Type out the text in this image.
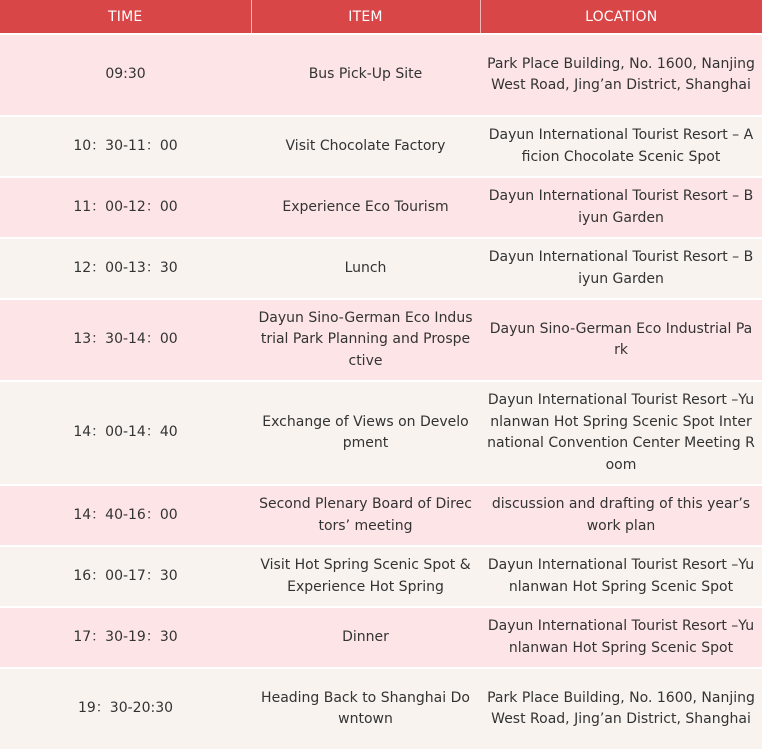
TIME	ITEM	LOCATION
09:30	Bus Pick-Up Site	Park Place Building, No. 1600, Nanjing West Road, Jing’an District, Shanghai
10：30-11：00	Visit Chocolate Factory	Dayun International Tourist Resort – Aficion Chocolate Scenic Spot
11：00-12：00	Experience Eco Tourism	Dayun International Tourist Resort – Biyun Garden
12：00-13：30	Lunch	Dayun International Tourist Resort – Biyun Garden
13：30-14：00	Dayun Sino-German Eco Industrial Park Planning and Prospective	Dayun Sino-German Eco Industrial Park
14：00-14：40	Exchange of Views on Development	Dayun International Tourist Resort –Yunlanwan Hot Spring Scenic Spot International Convention Center Meeting Room
14：40-16：00	Second Plenary Board of Directors’ meeting	discussion and drafting of this year’s work plan
16：00-17：30	Visit Hot Spring Scenic Spot & Experience Hot Spring	Dayun International Tourist Resort –Yunlanwan Hot Spring Scenic Spot
17：30-19：30	Dinner	Dayun International Tourist Resort –Yunlanwan Hot Spring Scenic Spot
19：30-20:30	Heading Back to Shanghai Downtown	Park Place Building, No. 1600, Nanjing West Road, Jing’an District, Shanghai
